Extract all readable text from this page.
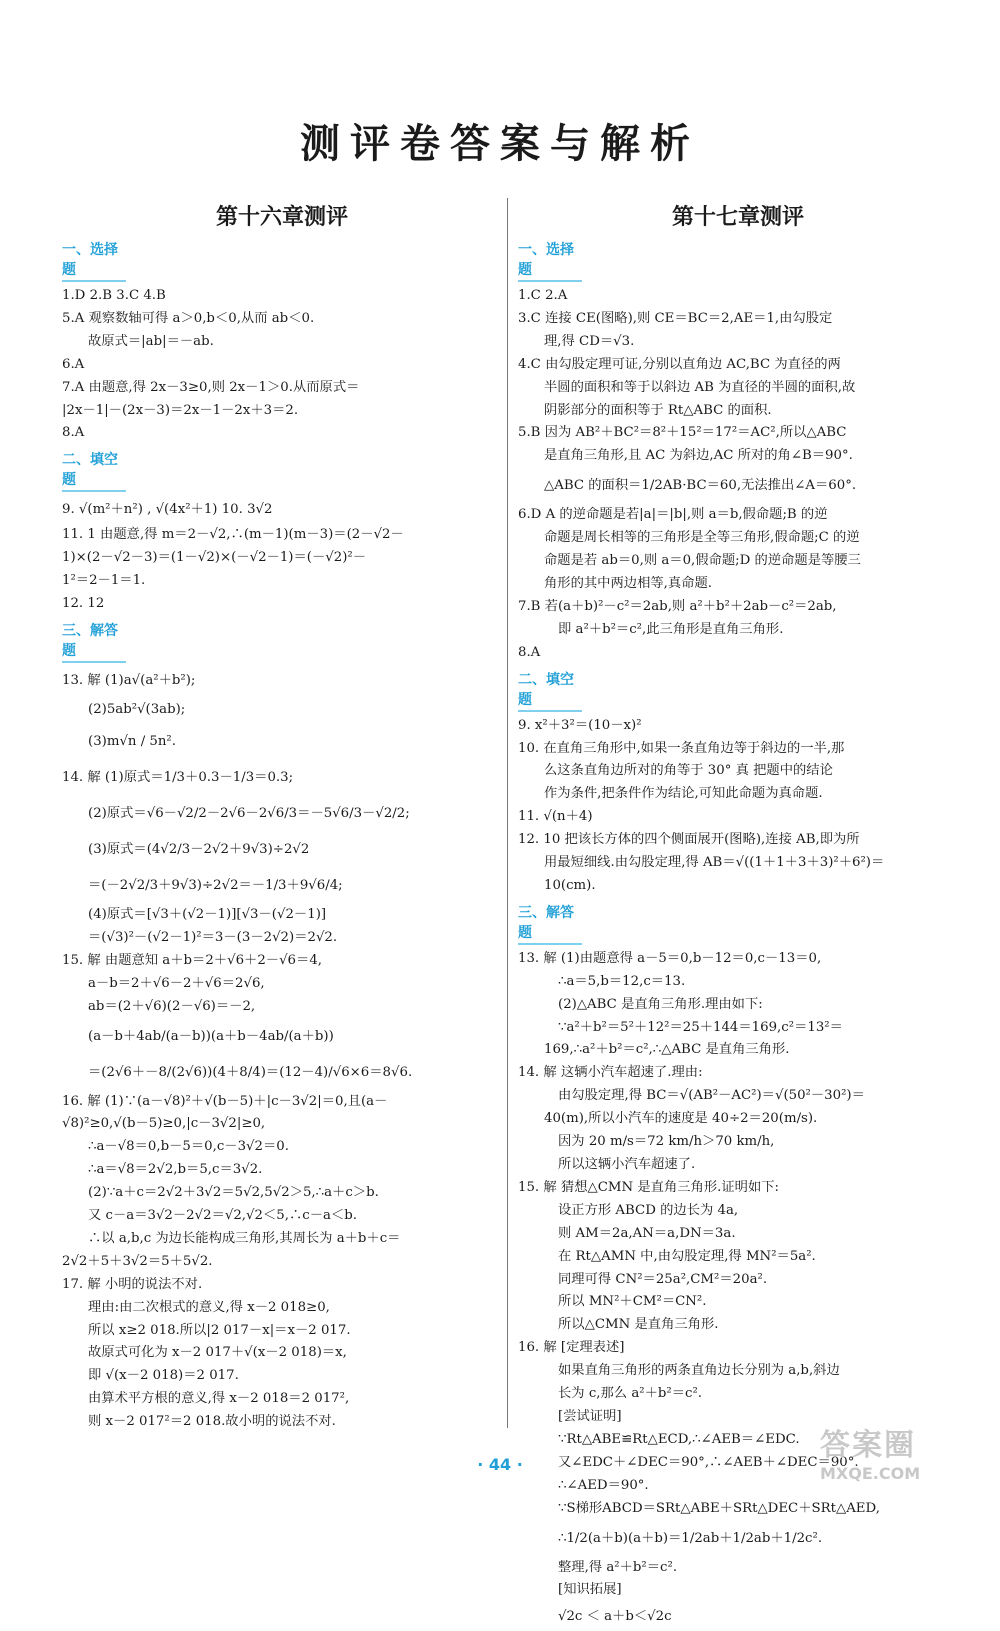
测评卷答案与解析
第十六章测评
一、选择题
1.D 2.B 3.C 4.B
5.A 观察数轴可得 a＞0,b＜0,从而 ab＜0.
故原式＝|ab|＝－ab.
6.A
7.A 由题意,得 2x－3≥0,则 2x－1＞0.从而原式＝
|2x－1|－(2x－3)＝2x－1－2x＋3＝2.
8.A
二、填空题
9. √(m²＋n²) , √(4x²＋1) 10. 3√2
11. 1 由题意,得 m＝2－√2,∴(m－1)(m－3)＝(2－√2－
1)×(2－√2－3)＝(1－√2)×(－√2－1)＝(－√2)²－
1²＝2－1＝1.
12. 12
三、解答题
13. 解 (1)a√(a²＋b²);
(2)5ab²√(3ab);
(3)m√n / 5n².
14. 解 (1)原式＝1/3＋0.3－1/3＝0.3;
(2)原式＝√6－√2/2－2√6－2√6/3＝－5√6/3－√2/2;
(3)原式＝(4√2/3－2√2＋9√3)÷2√2
＝(－2√2/3＋9√3)÷2√2＝－1/3＋9√6/4;
(4)原式＝[√3＋(√2－1)][√3－(√2－1)]
＝(√3)²－(√2－1)²＝3－(3－2√2)＝2√2.
15. 解 由题意知 a＋b＝2＋√6＋2－√6＝4,
a－b＝2＋√6－2＋√6＝2√6,
ab＝(2＋√6)(2－√6)＝－2,
(a－b＋4ab/(a－b))(a＋b－4ab/(a＋b))
＝(2√6＋－8/(2√6))(4＋8/4)＝(12－4)/√6×6＝8√6.
16. 解 (1)∵(a－√8)²＋√(b－5)＋|c－3√2|＝0,且(a－
√8)²≥0,√(b－5)≥0,|c－3√2|≥0,
∴a－√8＝0,b－5＝0,c－3√2＝0.
∴a＝√8＝2√2,b＝5,c＝3√2.
(2)∵a＋c＝2√2＋3√2＝5√2,5√2＞5,∴a＋c＞b.
又 c－a＝3√2－2√2＝√2,√2＜5,∴c－a＜b.
∴以 a,b,c 为边长能构成三角形,其周长为 a＋b＋c＝
2√2＋5＋3√2＝5＋5√2.
17. 解 小明的说法不对.
理由:由二次根式的意义,得 x－2 018≥0,
所以 x≥2 018.所以|2 017－x|＝x－2 017.
故原式可化为 x－2 017＋√(x－2 018)＝x,
即 √(x－2 018)＝2 017.
由算术平方根的意义,得 x－2 018＝2 017²,
则 x－2 017²＝2 018.故小明的说法不对.
第十七章测评
一、选择题
1.C 2.A
3.C 连接 CE(图略),则 CE＝BC＝2,AE＝1,由勾股定
理,得 CD＝√3.
4.C 由勾股定理可证,分别以直角边 AC,BC 为直径的两
半圆的面积和等于以斜边 AB 为直径的半圆的面积,故
阴影部分的面积等于 Rt△ABC 的面积.
5.B 因为 AB²＋BC²＝8²＋15²＝17²＝AC²,所以△ABC
是直角三角形,且 AC 为斜边,AC 所对的角∠B＝90°.
△ABC 的面积＝1/2AB·BC＝60,无法推出∠A＝60°.
6.D A 的逆命题是若|a|＝|b|,则 a＝b,假命题;B 的逆
命题是周长相等的三角形是全等三角形,假命题;C 的逆
命题是若 ab＝0,则 a＝0,假命题;D 的逆命题是等腰三
角形的其中两边相等,真命题.
7.B 若(a＋b)²－c²＝2ab,则 a²＋b²＋2ab－c²＝2ab,
即 a²＋b²＝c²,此三角形是直角三角形.
8.A
二、填空题
9. x²＋3²＝(10－x)²
10. 在直角三角形中,如果一条直角边等于斜边的一半,那
么这条直角边所对的角等于 30° 真 把题中的结论
作为条件,把条件作为结论,可知此命题为真命题.
11. √(n＋4)
12. 10 把该长方体的四个侧面展开(图略),连接 AB,即为所
用最短细线.由勾股定理,得 AB＝√((1＋1＋3＋3)²＋6²)＝
10(cm).
三、解答题
13. 解 (1)由题意得 a－5＝0,b－12＝0,c－13＝0,
∴a＝5,b＝12,c＝13.
(2)△ABC 是直角三角形.理由如下:
∵a²＋b²＝5²＋12²＝25＋144＝169,c²＝13²＝
169,∴a²＋b²＝c²,∴△ABC 是直角三角形.
14. 解 这辆小汽车超速了.理由:
由勾股定理,得 BC＝√(AB²－AC²)＝√(50²－30²)＝
40(m),所以小汽车的速度是 40÷2＝20(m/s).
因为 20 m/s＝72 km/h＞70 km/h,
所以这辆小汽车超速了.
15. 解 猜想△CMN 是直角三角形.证明如下:
设正方形 ABCD 的边长为 4a,
则 AM＝2a,AN＝a,DN＝3a.
在 Rt△AMN 中,由勾股定理,得 MN²＝5a².
同理可得 CN²＝25a²,CM²＝20a².
所以 MN²＋CM²＝CN².
所以△CMN 是直角三角形.
16. 解 [定理表述]
如果直角三角形的两条直角边长分别为 a,b,斜边
长为 c,那么 a²＋b²＝c².
[尝试证明]
∵Rt△ABE≌Rt△ECD,∴∠AEB＝∠EDC.
又∠EDC＋∠DEC＝90°,∴∠AEB＋∠DEC＝90°.
∴∠AED＝90°.
∵S梯形ABCD＝SRt△ABE＋SRt△DEC＋SRt△AED,
∴1/2(a＋b)(a＋b)＝1/2ab＋1/2ab＋1/2c².
整理,得 a²＋b²＝c².
[知识拓展]
√2c ＜ a＋b＜√2c
· 44 ·
答案圈
MXQE.COM
